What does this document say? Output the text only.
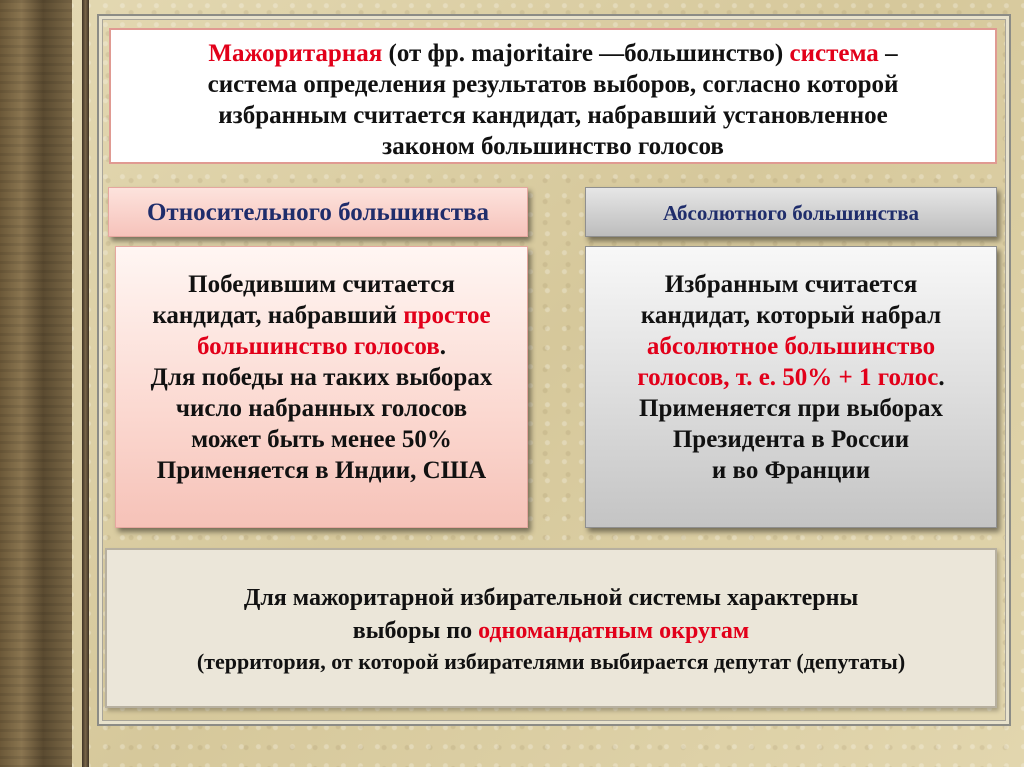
Мажоритарная (от фр. majoritaire —большинство) система –
система определения результатов выборов, согласно которой
избранным считается кандидат, набравший установленное
законом большинство голосов
Относительного большинства	Абсолютного большинства
Победившим считается
кандидат, набравший простое
большинство голосов.
Для победы на таких выборах
число набранных голосов
может быть менее 50%
Применяется в Индии, США
Избранным считается
кандидат, который набрал
абсолютное большинство
голосов, т. е. 50% + 1 голос.
Применяется при выборах
Президента в России
и во Франции
Для мажоритарной избирательной системы характерны
выборы по одномандатным округам
(территория, от которой избирателями выбирается депутат (депутаты)
